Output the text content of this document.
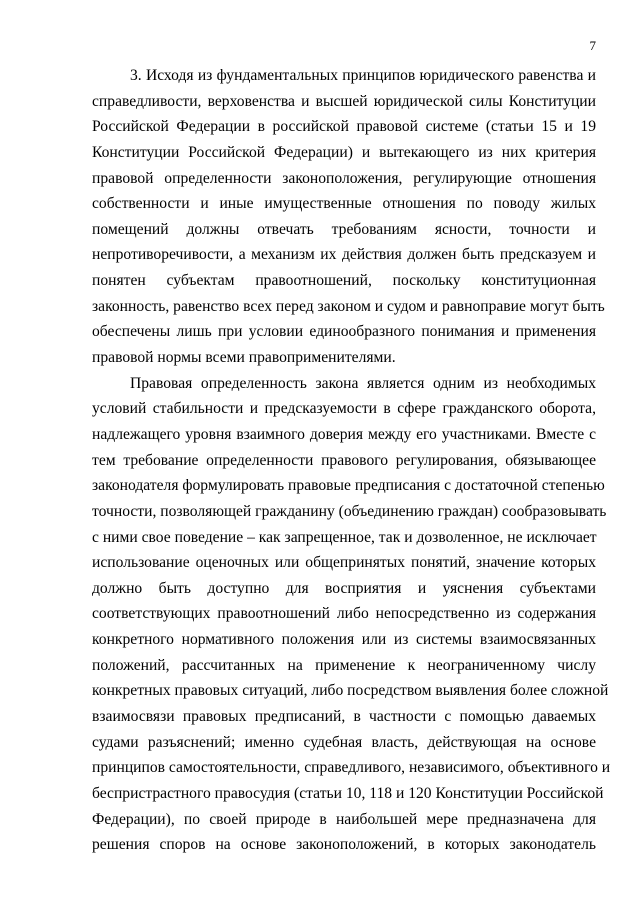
7
3. Исходя из фундаментальных принципов юридического равенства и
справедливости, верховенства и высшей юридической силы Конституции
Российской Федерации в российской правовой системе (статьи 15 и 19
Конституции Российской Федерации) и вытекающего из них критерия
правовой определенности законоположения, регулирующие отношения
собственности и иные имущественные отношения по поводу жилых
помещений должны отвечать требованиям ясности, точности и
непротиворечивости, а механизм их действия должен быть предсказуем и
понятен субъектам правоотношений, поскольку конституционная
законность, равенство всех перед законом и судом и равноправие могут быть
обеспечены лишь при условии единообразного понимания и применения
правовой нормы всеми правоприменителями.
Правовая определенность закона является одним из необходимых
условий стабильности и предсказуемости в сфере гражданского оборота,
надлежащего уровня взаимного доверия между его участниками. Вместе с
тем требование определенности правового регулирования, обязывающее
законодателя формулировать правовые предписания с достаточной степенью
точности, позволяющей гражданину (объединению граждан) сообразовывать
с ними свое поведение – как запрещенное, так и дозволенное, не исключает
использование оценочных или общепринятых понятий, значение которых
должно быть доступно для восприятия и уяснения субъектами
соответствующих правоотношений либо непосредственно из содержания
конкретного нормативного положения или из системы взаимосвязанных
положений, рассчитанных на применение к неограниченному числу
конкретных правовых ситуаций, либо посредством выявления более сложной
взаимосвязи правовых предписаний, в частности с помощью даваемых
судами разъяснений; именно судебная власть, действующая на основе
принципов самостоятельности, справедливого, независимого, объективного и
беспристрастного правосудия (статьи 10, 118 и 120 Конституции Российской
Федерации), по своей природе в наибольшей мере предназначена для
решения споров на основе законоположений, в которых законодатель
